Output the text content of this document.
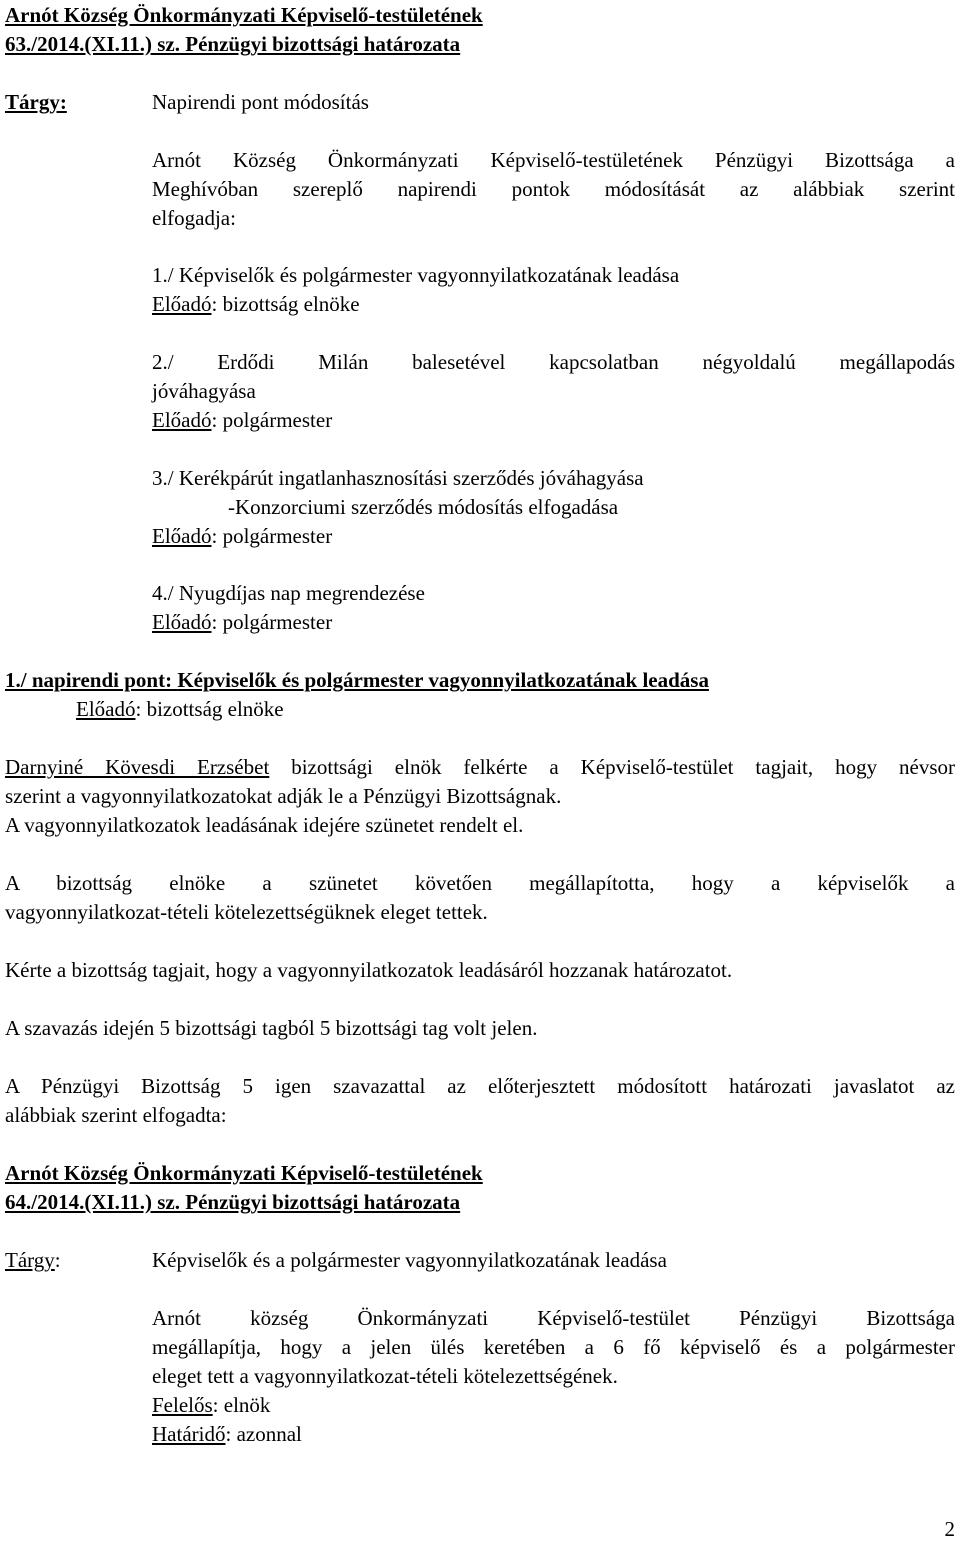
Arnót Község Önkormányzati Képviselő-testületének
63./2014.(XI.11.) sz. Pénzügyi bizottsági határozata
Tárgy:	Napirendi pont módosítás
Arnót Község Önkormányzati Képviselő-testületének Pénzügyi Bizottsága a
Meghívóban szereplő napirendi pontok módosítását az alábbiak szerint
elfogadja:
1./ Képviselők és polgármester vagyonnyilatkozatának leadása
Előadó: bizottság elnöke
2./ Erdődi Milán balesetével kapcsolatban négyoldalú megállapodás
jóváhagyása
Előadó: polgármester
3./ Kerékpárút ingatlanhasznosítási szerződés jóváhagyása
-Konzorciumi szerződés módosítás elfogadása
Előadó: polgármester
4./ Nyugdíjas nap megrendezése
Előadó: polgármester
1./ napirendi pont: Képviselők és polgármester vagyonnyilatkozatának leadása
Előadó: bizottság elnöke
Darnyiné Kövesdi Erzsébet bizottsági elnök felkérte a Képviselő-testület tagjait, hogy névsor
szerint a vagyonnyilatkozatokat adják le a Pénzügyi Bizottságnak.
A vagyonnyilatkozatok leadásának idejére szünetet rendelt el.
A bizottság elnöke a szünetet követően megállapította, hogy a képviselők a
vagyonnyilatkozat-tételi kötelezettségüknek eleget tettek.
Kérte a bizottság tagjait, hogy a vagyonnyilatkozatok leadásáról hozzanak határozatot.
A szavazás idején 5 bizottsági tagból 5 bizottsági tag volt jelen.
A Pénzügyi Bizottság 5 igen szavazattal az előterjesztett módosított határozati javaslatot az
alábbiak szerint elfogadta:
Arnót Község Önkormányzati Képviselő-testületének
64./2014.(XI.11.) sz. Pénzügyi bizottsági határozata
Tárgy:	Képviselők és a polgármester vagyonnyilatkozatának leadása
Arnót község Önkormányzati Képviselő-testület Pénzügyi Bizottsága
megállapítja, hogy a jelen ülés keretében a 6 fő képviselő és a polgármester
eleget tett a vagyonnyilatkozat-tételi kötelezettségének.
Felelős: elnök
Határidő: azonnal
2
